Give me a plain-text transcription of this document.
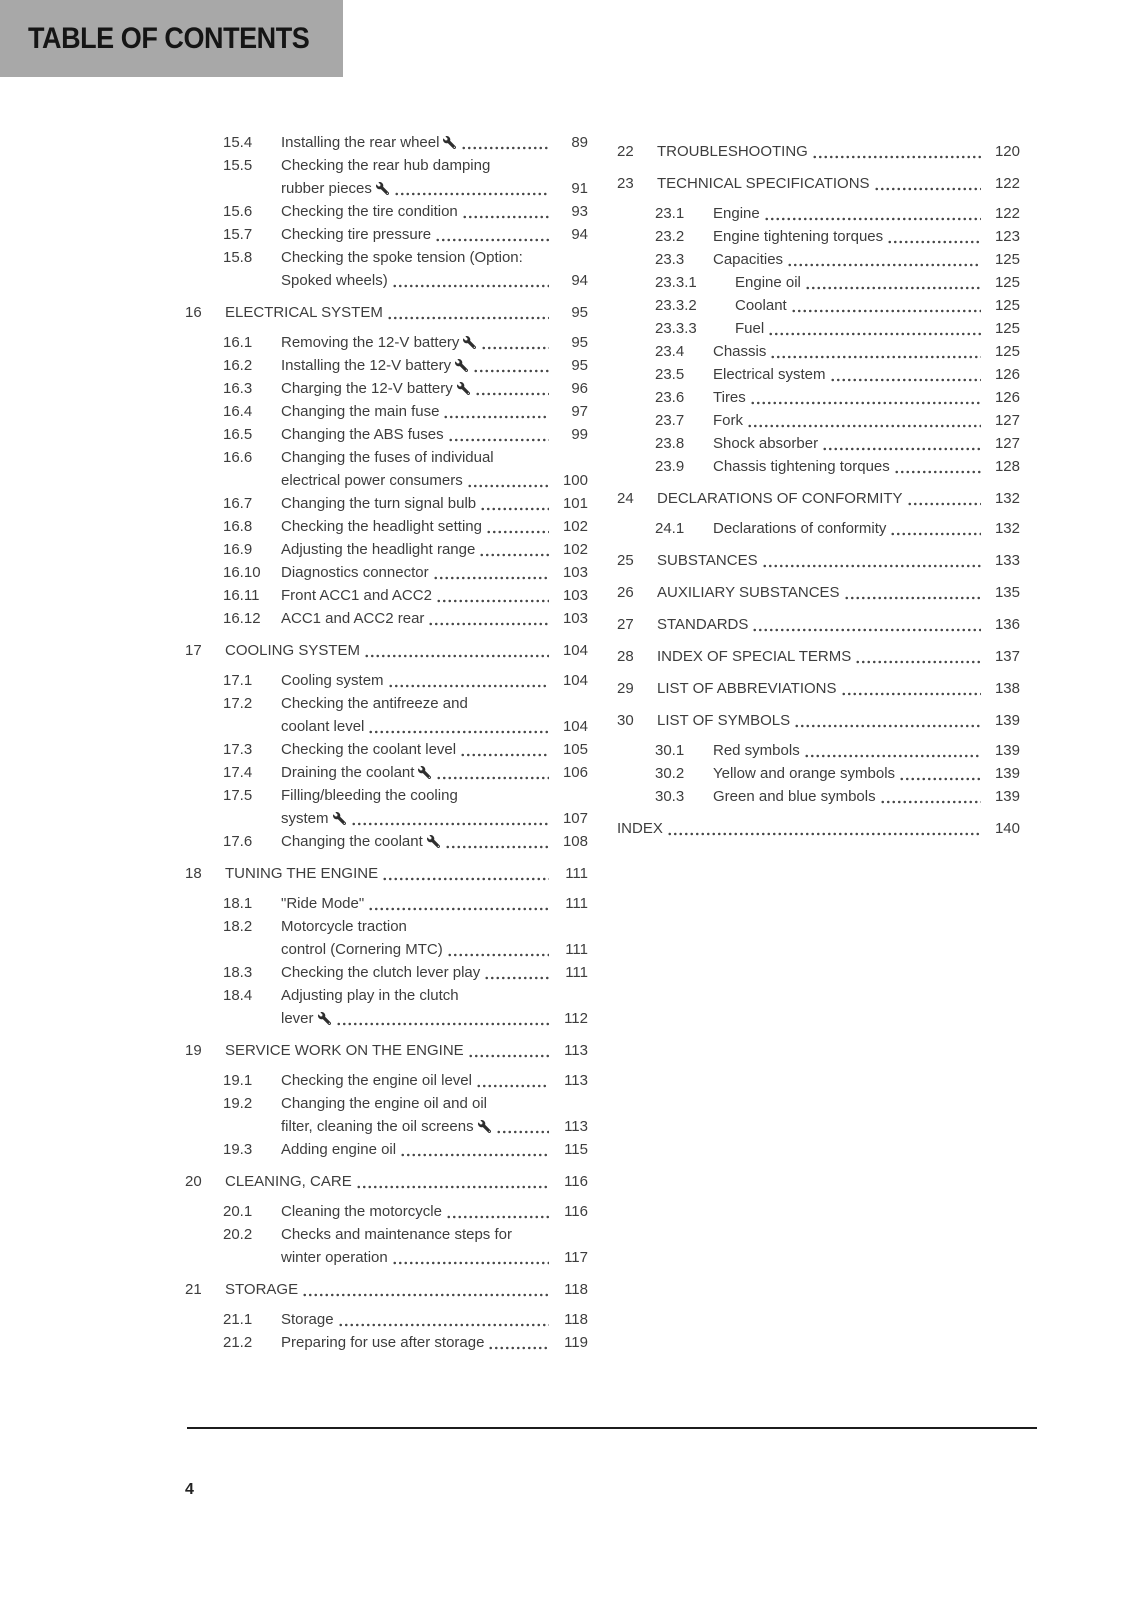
TABLE OF CONTENTS
15.4	Installing the rear wheel	89
15.5	Checking the rear hub damping
rubber pieces	91
15.6	Checking the tire condition	93
15.7	Checking tire pressure	94
15.8	Checking the spoke tension (Option:
Spoked wheels)	94
16	ELECTRICAL SYSTEM	95
16.1	Removing the 12-V battery	95
16.2	Installing the 12-V battery	95
16.3	Charging the 12-V battery	96
16.4	Changing the main fuse	97
16.5	Changing the ABS fuses	99
16.6	Changing the fuses of individual
electrical power consumers	100
16.7	Changing the turn signal bulb	101
16.8	Checking the headlight setting	102
16.9	Adjusting the headlight range	102
16.10	Diagnostics connector	103
16.11	Front ACC1 and ACC2	103
16.12	ACC1 and ACC2 rear	103
17	COOLING SYSTEM	104
17.1	Cooling system	104
17.2	Checking the antifreeze and
coolant level	104
17.3	Checking the coolant level	105
17.4	Draining the coolant	106
17.5	Filling/bleeding the cooling
system	107
17.6	Changing the coolant	108
18	TUNING THE ENGINE	111
18.1	"Ride Mode"	111
18.2	Motorcycle traction
control (Cornering MTC)	111
18.3	Checking the clutch lever play	111
18.4	Adjusting play in the clutch
lever	112
19	SERVICE WORK ON THE ENGINE	113
19.1	Checking the engine oil level	113
19.2	Changing the engine oil and oil
filter, cleaning the oil screens	113
19.3	Adding engine oil	115
20	CLEANING, CARE	116
20.1	Cleaning the motorcycle	116
20.2	Checks and maintenance steps for
winter operation	117
21	STORAGE	118
21.1	Storage	118
21.2	Preparing for use after storage	119
22	TROUBLESHOOTING	120
23	TECHNICAL SPECIFICATIONS	122
23.1	Engine	122
23.2	Engine tightening torques	123
23.3	Capacities	125
23.3.1	Engine oil	125
23.3.2	Coolant	125
23.3.3	Fuel	125
23.4	Chassis	125
23.5	Electrical system	126
23.6	Tires	126
23.7	Fork	127
23.8	Shock absorber	127
23.9	Chassis tightening torques	128
24	DECLARATIONS OF CONFORMITY	132
24.1	Declarations of conformity	132
25	SUBSTANCES	133
26	AUXILIARY SUBSTANCES	135
27	STANDARDS	136
28	INDEX OF SPECIAL TERMS	137
29	LIST OF ABBREVIATIONS	138
30	LIST OF SYMBOLS	139
30.1	Red symbols	139
30.2	Yellow and orange symbols	139
30.3	Green and blue symbols	139
INDEX	140
4
